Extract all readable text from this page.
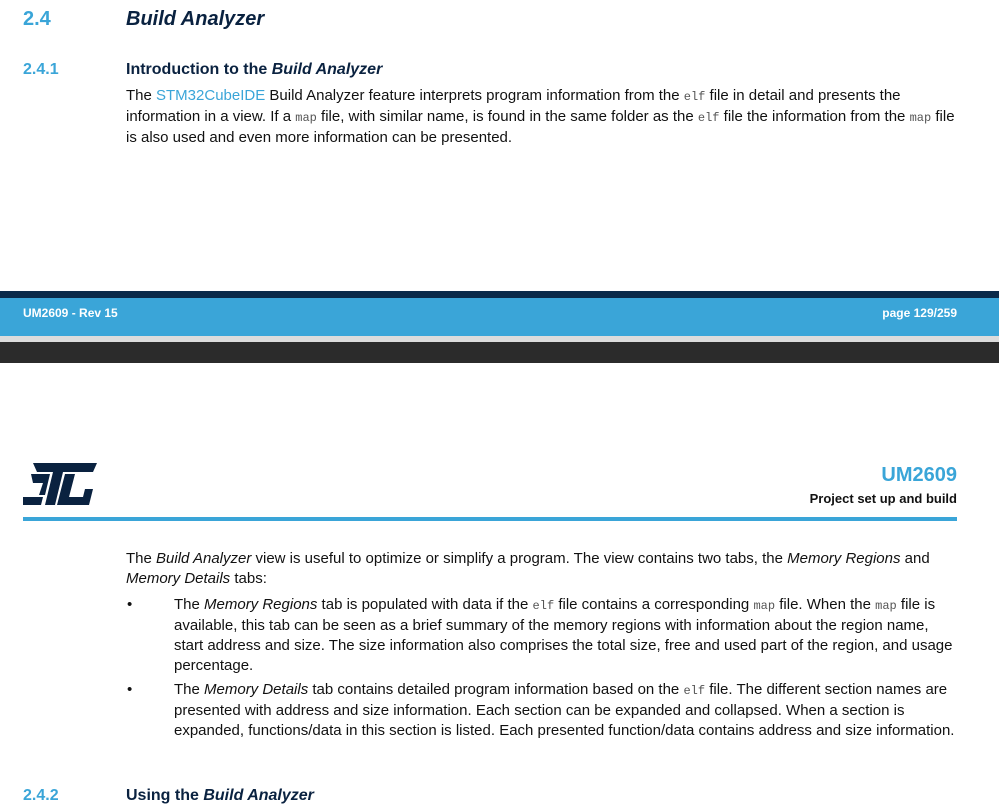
2.4	Build Analyzer
2.4.1	Introduction to the Build Analyzer
The STM32CubeIDE Build Analyzer feature interprets program information from the elf file in detail and presents the information in a view. If a map file, with similar name, is found in the same folder as the elf file the information from the map file is also used and even more information can be presented.
UM2609 - Rev 15	page 129/259
UM2609
Project set up and build
The Build Analyzer view is useful to optimize or simplify a program. The view contains two tabs, the Memory Regions and Memory Details tabs:
•	The Memory Regions tab is populated with data if the elf file contains a corresponding map file. When the map file is available, this tab can be seen as a brief summary of the memory regions with information about the region name, start address and size. The size information also comprises the total size, free and used part of the region, and usage percentage.
•	The Memory Details tab contains detailed program information based on the elf file. The different section names are presented with address and size information. Each section can be expanded and collapsed. When a section is expanded, functions/data in this section is listed. Each presented function/data contains address and size information.
2.4.2	Using the Build Analyzer
